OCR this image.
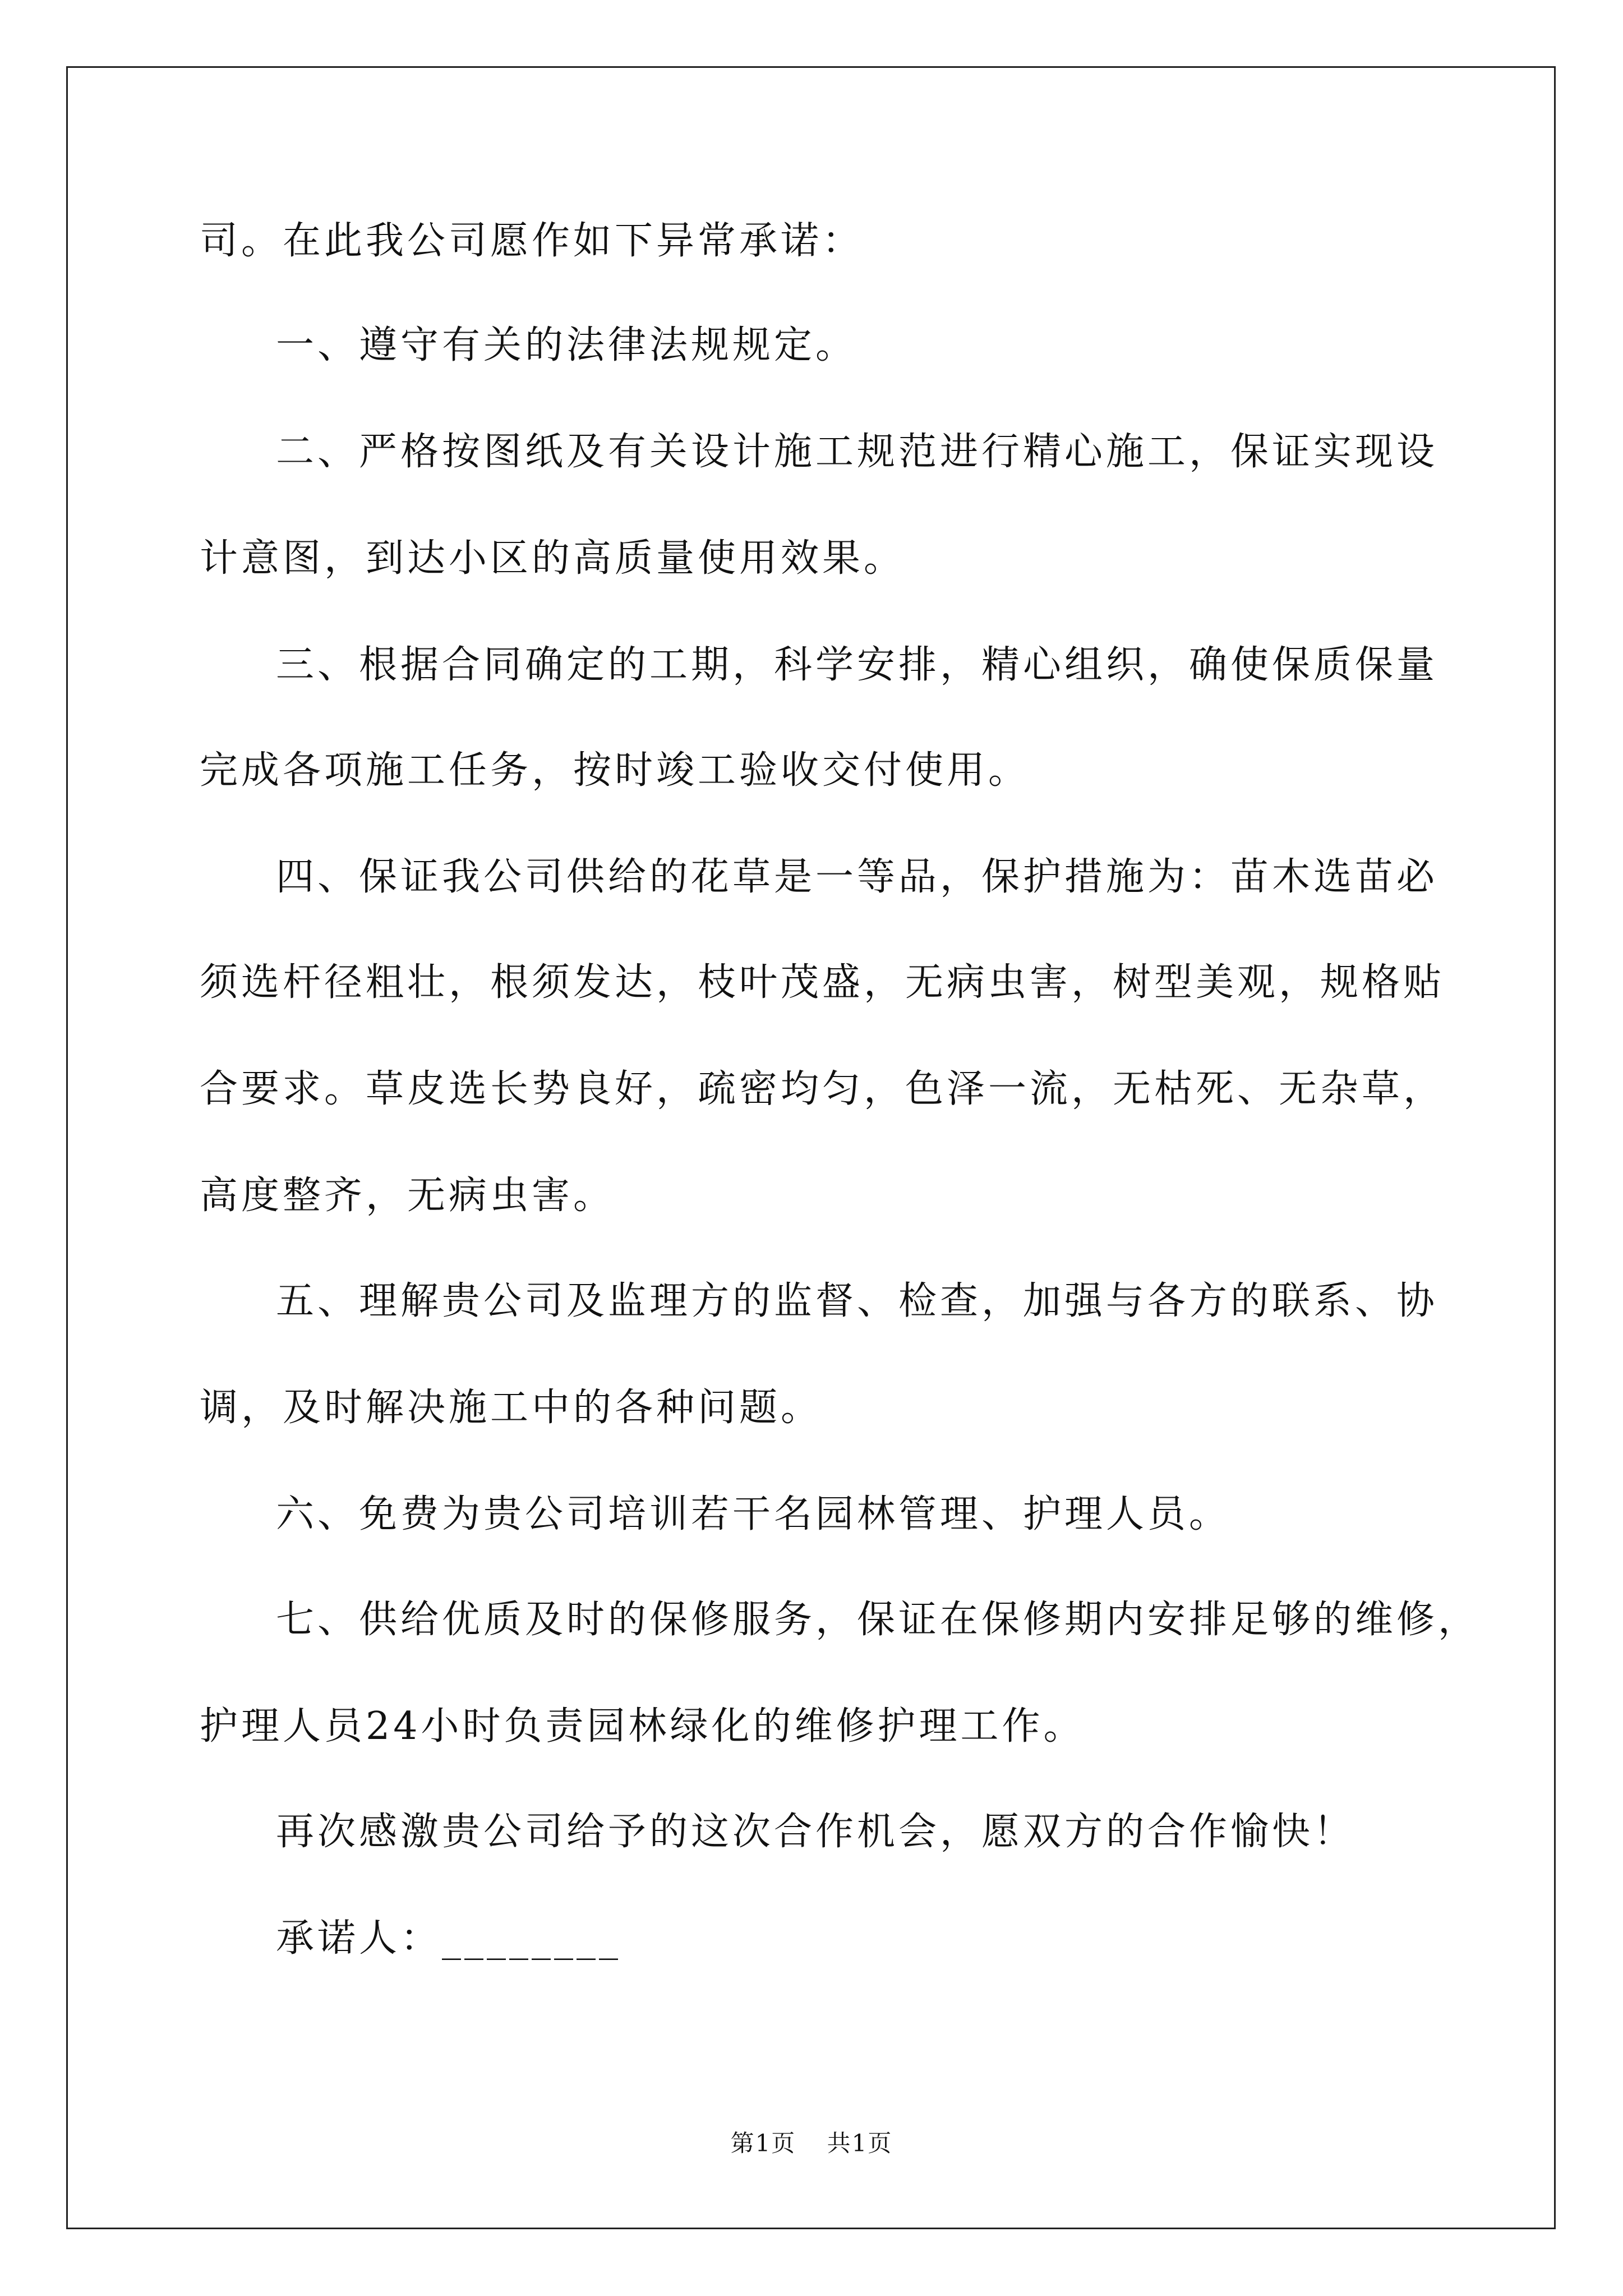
司。在此我公司愿作如下异常承诺：
一、遵守有关的法律法规规定。
二、严格按图纸及有关设计施工规范进行精心施工，保证实现设
计意图，到达小区的高质量使用效果。
三、根据合同确定的工期，科学安排，精心组织，确使保质保量
完成各项施工任务，按时竣工验收交付使用。
四、保证我公司供给的花草是一等品，保护措施为：苗木选苗必
须选杆径粗壮，根须发达，枝叶茂盛，无病虫害，树型美观，规格贴
合要求。草皮选长势良好，疏密均匀，色泽一流，无枯死、无杂草，
高度整齐，无病虫害。
五、理解贵公司及监理方的监督、检查，加强与各方的联系、协
调，及时解决施工中的各种问题。
六、免费为贵公司培训若干名园林管理、护理人员。
七、供给优质及时的保修服务，保证在保修期内安排足够的维修，
护理人员24小时负责园林绿化的维修护理工作。
再次感激贵公司给予的这次合作机会，愿双方的合作愉快！
承诺人：________
第1页 共1页
